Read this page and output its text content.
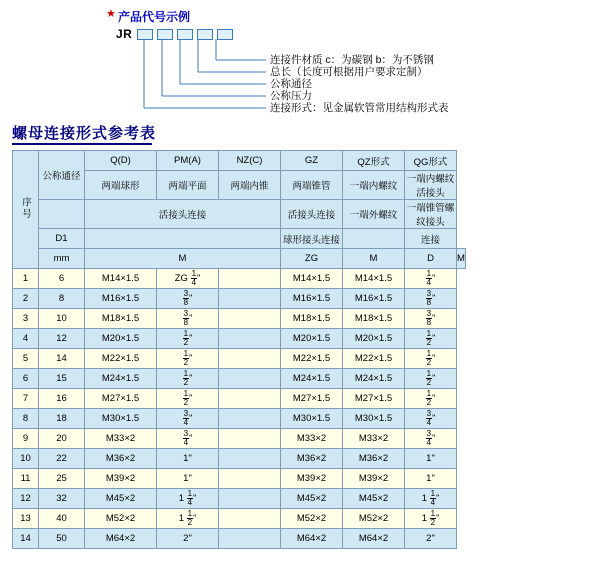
★ 产品代号示例
JR
连接件材质 c：为碳钢 b：为不锈钢
总长（长度可根据用户要求定制）
公称通径
公称压力
连接形式：见金属软管常用结构形式表
螺母连接形式参考表
序号	公称通径	Q(D)	PM(A)	NZ(C)	GZ	QZ形式	QG形式	
		两端球形	两端平面	两端内锥	两端锥管	一端内螺纹	一端内螺纹活接头	
		活接头连接			活接头连接	一端外螺纹	一端锥管螺纹接头	
	D1				球形接头连接		连接	
	mm	M			ZG	M	D	M
1	6	M14×1.5	ZG $\frac{1}{4}$ "		M14×1.5	M14×1.5	$\frac{1}{4}$ "	
2	8	M16×1.5	$\frac{3}{8}$ "		M16×1.5	M16×1.5	$\frac{3}{8}$ "	
3	10	M18×1.5	$\frac{3}{8}$ "		M18×1.5	M18×1.5	$\frac{3}{8}$ "	
4	12	M20×1.5	$\frac{1}{2}$ "		M20×1.5	M20×1.5	$\frac{1}{2}$ "	
5	14	M22×1.5	$\frac{1}{2}$ "		M22×1.5	M22×1.5	$\frac{1}{2}$ "	
6	15	M24×1.5	$\frac{1}{2}$ "		M24×1.5	M24×1.5	$\frac{1}{2}$ "	
7	16	M27×1.5	$\frac{1}{2}$ "		M27×1.5	M27×1.5	$\frac{1}{2}$ "	
8	18	M30×1.5	$\frac{3}{4}$ "		M30×1.5	M30×1.5	$\frac{3}{4}$ "	
9	20	M33×2	$\frac{3}{4}$ "		M33×2	M33×2	$\frac{3}{4}$ "	
10	22	M36×2	1"		M36×2	M36×2	1"	
11	25	M39×2	1"		M39×2	M39×2	1"	
12	32	M45×2	$1 \frac{1}{4}$ "		M45×2	M45×2	$1 \frac{1}{4}$ "	
13	40	M52×2	$1 \frac{1}{2}$ "		M52×2	M52×2	$1 \frac{1}{2}$ "	
14	50	M64×2	2"		M64×2	M64×2	2"	
